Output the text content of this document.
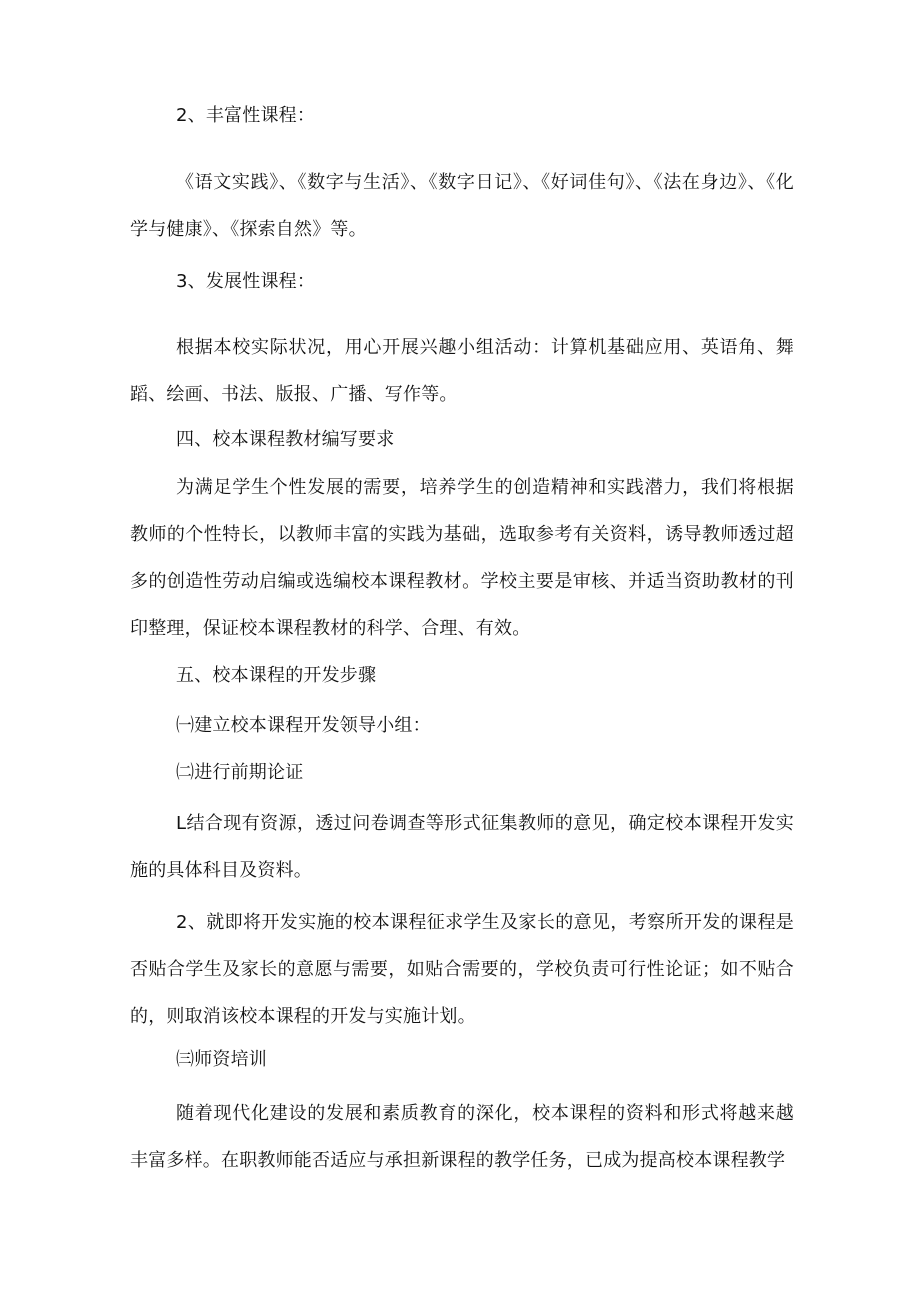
2、丰富性课程：

《语文实践》、《数字与生活》、《数字日记》、《好词佳句》、《法在身边》、《化学与健康》、《探索自然》等。

3、发展性课程：

根据本校实际状况，用心开展兴趣小组活动：计算机基础应用、英语角、舞蹈、绘画、书法、版报、广播、写作等。

四、校本课程教材编写要求

为满足学生个性发展的需要，培养学生的创造精神和实践潜力，我们将根据教师的个性特长，以教师丰富的实践为基础，选取参考有关资料，诱导教师透过超多的创造性劳动启编或选编校本课程教材。学校主要是审核、并适当资助教材的刊印整理，保证校本课程教材的科学、合理、有效。

五、校本课程的开发步骤

㈠建立校本课程开发领导小组：

㈡进行前期论证

L结合现有资源，透过问卷调查等形式征集教师的意见，确定校本课程开发实施的具体科目及资料。

2、就即将开发实施的校本课程征求学生及家长的意见，考察所开发的课程是否贴合学生及家长的意愿与需要，如贴合需要的，学校负责可行性论证；如不贴合的，则取消该校本课程的开发与实施计划。

㈢师资培训

随着现代化建设的发展和素质教育的深化，校本课程的资料和形式将越来越丰富多样。在职教师能否适应与承担新课程的教学任务，已成为提高校本课程教学
